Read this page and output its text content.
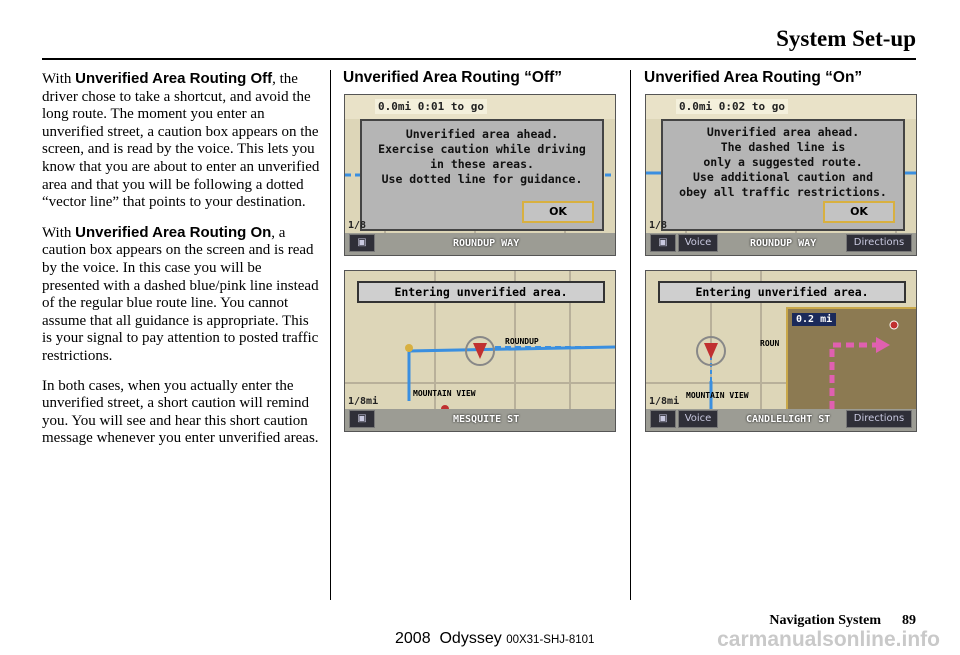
System Set-up

With Unverified Area Routing Off, the driver chose to take a shortcut, and avoid the long route. The moment you enter an unverified street, a caution box appears on the screen, and is read by the voice. This lets you know that you are about to enter an unverified area and that you will be following a dotted “vector line” that points to your destination.

With Unverified Area Routing On, a caution box appears on the screen and is read by the voice. In this case you will be presented with a dashed blue/pink line instead of the regular blue route line. You cannot assume that all guidance is appropriate. This is your signal to pay attention to posted traffic restrictions.

In both cases, when you actually enter the unverified street, a short caution will remind you. You will see and hear this short caution message whenever you enter unverified areas.

Unverified Area Routing “Off”
0.0mi 0:01 to go
Unverified area ahead.
Exercise caution while driving
in these areas.
Use dotted line for guidance.
OK
1/8
▣	ROUNDUP WAY
Entering unverified area.
ROUNDUP
MOUNTAIN VIEW
1/8mi
▣	MESQUITE ST
Unverified Area Routing “On”
0.0mi 0:02 to go
Unverified area ahead.
The dashed line is
only a suggested route.
Use additional caution and
obey all traffic restrictions.
OK
1/8
▣	Voice	ROUNDUP WAY	Directions
Entering unverified area.
ROUN
MOUNTAIN VIEW
0.2 mi
1/8mi
▣	Voice	CANDLELIGHT ST	Directions
Navigation System 89
2008 Odyssey 00X31-SHJ-8101	carmanualsonline.info
